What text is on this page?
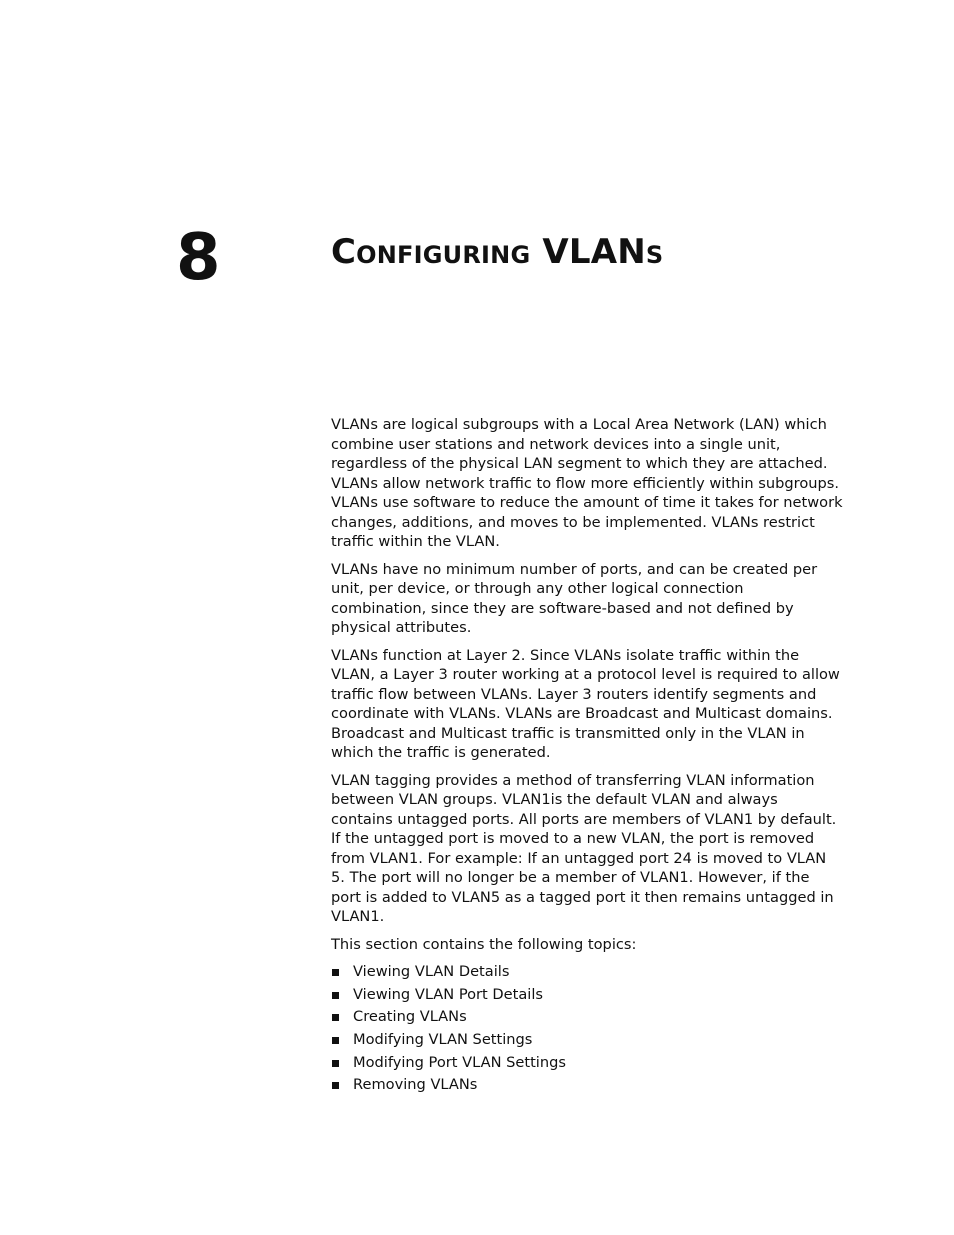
8	Configuring VLANs

VLANs are logical subgroups with a Local Area Network (LAN) which combine user stations and network devices into a single unit, regardless of the physical LAN segment to which they are attached. VLANs allow network traffic to flow more efficiently within subgroups. VLANs use software to reduce the amount of time it takes for network changes, additions, and moves to be implemented. VLANs restrict traffic within the VLAN.

VLANs have no minimum number of ports, and can be created per unit, per device, or through any other logical connection combination, since they are software-based and not defined by physical attributes.

VLANs function at Layer 2. Since VLANs isolate traffic within the VLAN, a Layer 3 router working at a protocol level is required to allow traffic flow between VLANs. Layer 3 routers identify segments and coordinate with VLANs. VLANs are Broadcast and Multicast domains. Broadcast and Multicast traffic is transmitted only in the VLAN in which the traffic is generated.

VLAN tagging provides a method of transferring VLAN information between VLAN groups. VLAN1is the default VLAN and always contains untagged ports. All ports are members of VLAN1 by default. If the untagged port is moved to a new VLAN, the port is removed from VLAN1. For example: If an untagged port 24 is moved to VLAN 5. The port will no longer be a member of VLAN1. However, if the port is added to VLAN5 as a tagged port it then remains untagged in VLAN1.

This section contains the following topics:

Viewing VLAN Details
Viewing VLAN Port Details
Creating VLANs
Modifying VLAN Settings
Modifying Port VLAN Settings
Removing VLANs
